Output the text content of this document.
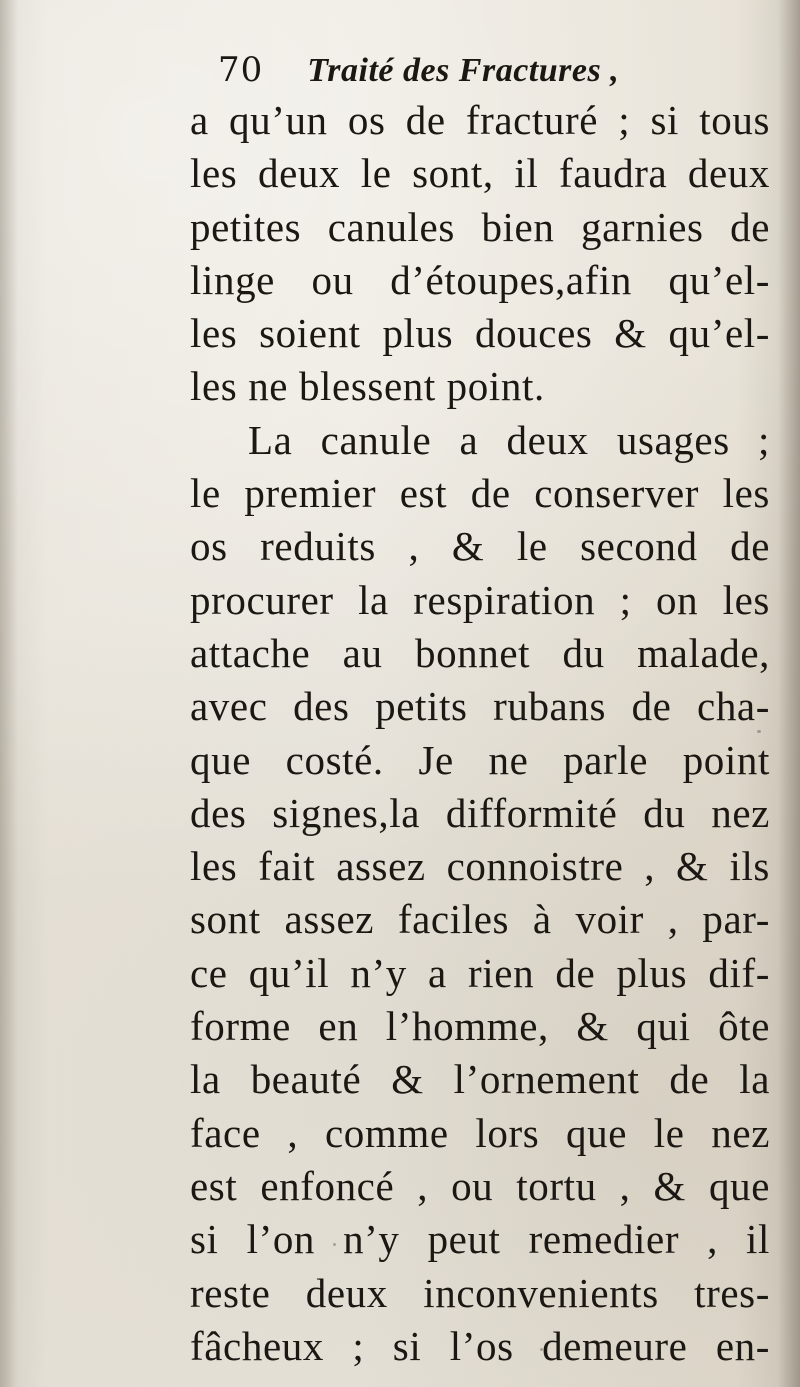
70 Traité des Fractures ,
a qu’un os de fracturé ; si tous
les deux le sont, il faudra deux
petites canules bien garnies de
linge ou d’étoupes,afin qu’el-
les soient plus douces & qu’el-
les ne blessent point.
La canule a deux usages ;
le premier est de conserver les
os reduits , & le second de
procurer la respiration ; on les
attache au bonnet du malade,
avec des petits rubans de cha-
que costé. Je ne parle point
des signes,la difformité du nez
les fait assez connoistre , & ils
sont assez faciles à voir , par-
ce qu’il n’y a rien de plus dif-
forme en l’homme, & qui ôte
la beauté & l’ornement de la
face , comme lors que le nez
est enfoncé , ou tortu , & que
si l’on n’y peut remedier , il
reste deux inconvenients tres-
fâcheux ; si l’os demeure en-
